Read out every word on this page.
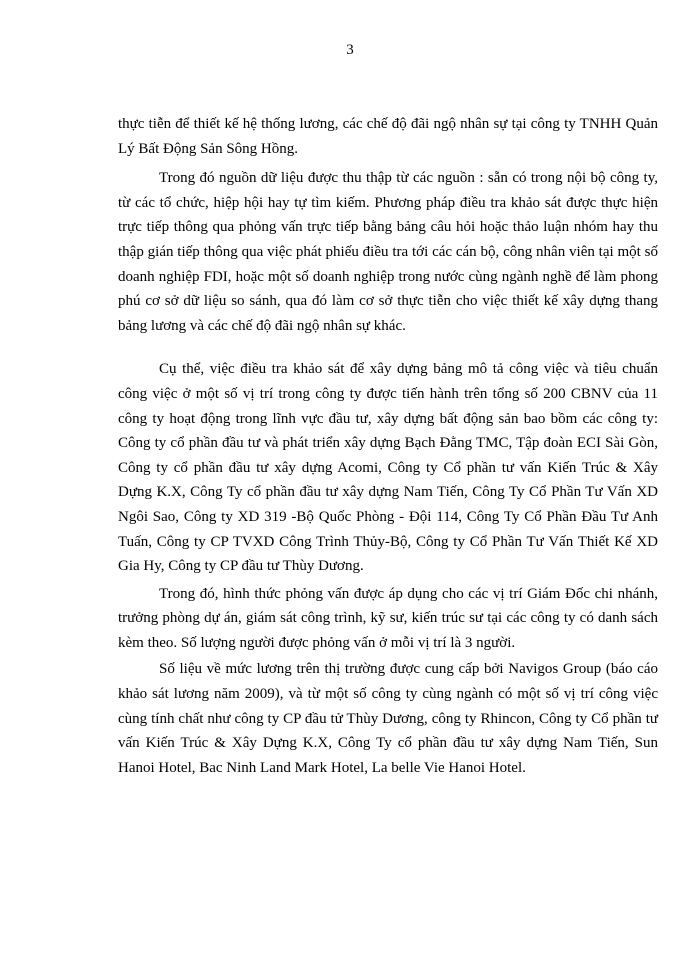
3

thực tiễn để thiết kế hệ thống lương, các chế độ đãi ngộ nhân sự tại công ty TNHH Quản Lý Bất Động Sản Sông Hồng.

Trong đó nguồn dữ liệu được thu thập từ các nguồn : sẵn có trong nội bộ công ty, từ các tổ chức, hiệp hội hay tự tìm kiếm. Phương pháp điều tra khảo sát được thực hiện trực tiếp thông qua phỏng vấn trực tiếp bằng bảng câu hỏi hoặc thảo luận nhóm hay thu thập gián tiếp thông qua việc phát phiếu điều tra tới các cán bộ, công nhân viên tại một số doanh nghiệp FDI, hoặc một số doanh nghiệp trong nước cùng ngành nghề để làm phong phú cơ sở dữ liệu so sánh, qua đó làm cơ sở thực tiễn cho việc thiết kế xây dựng thang bảng lương và các chế độ đãi ngộ nhân sự khác.

Cụ thể, việc điều tra khảo sát để xây dựng bảng mô tả công việc và tiêu chuẩn công việc ở một số vị trí trong công ty được tiến hành trên tổng số 200 CBNV của 11 công ty hoạt động trong lĩnh vực đầu tư, xây dựng bất động sản bao bồm các công ty: Công ty cổ phần đầu tư và phát triển xây dựng Bạch Đằng TMC, Tập đoàn ECI Sài Gòn, Công ty cổ phần đầu tư xây dựng Acomi, Công ty Cổ phần tư vấn Kiến Trúc & Xây Dựng K.X, Công Ty cổ phần đầu tư xây dựng Nam Tiến, Công Ty Cổ Phần Tư Vấn XD Ngôi Sao, Công ty XD 319 -Bộ Quốc Phòng - Đội 114, Công Ty Cổ Phần Đầu Tư Anh Tuấn, Công ty CP TVXD Công Trình Thủy-Bộ, Công ty Cổ Phần Tư Vấn Thiết Kế XD Gia Hy, Công ty CP đầu tư Thùy Dương.

Trong đó, hình thức phỏng vấn được áp dụng cho các vị trí Giám Đốc chi nhánh, trưởng phòng dự án, giám sát công trình, kỹ sư, kiến trúc sư tại các công ty có danh sách kèm theo. Số lượng người được phỏng vấn ở mỗi vị trí là 3 người.

Số liệu về mức lương trên thị trường được cung cấp bởi Navigos Group (báo cáo khảo sát lương năm 2009), và từ một số công ty cùng ngành có một số vị trí công việc cùng tính chất như công ty CP đầu tử Thùy Dương, công ty Rhincon, Công ty Cổ phần tư vấn Kiến Trúc & Xây Dựng K.X, Công Ty cổ phần đầu tư xây dựng Nam Tiến, Sun Hanoi Hotel, Bac Ninh Land Mark Hotel, La belle Vie Hanoi Hotel.
